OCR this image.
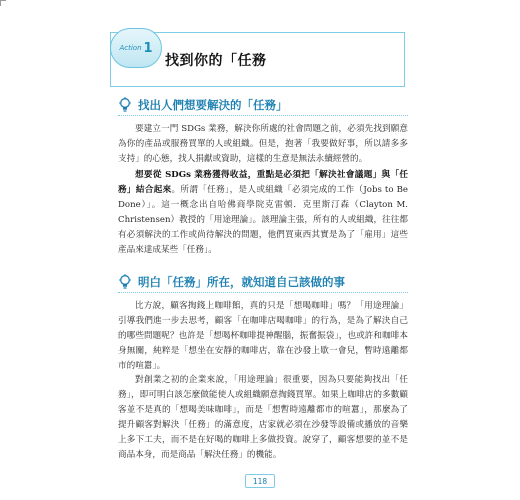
Action 1
找到你的「任務
找出人們想要解決的「任務」

要建立一門 SDGs 業務，解決你所處的社會問題之前，必須先找到願意為你的產品或服務買單的人或組織。但是，抱著「我要做好事，所以請多多支持」的心態，找人捐獻或資助，這樣的生意是無法永續經營的。

想要從 SDGs 業務獲得收益，重點是必須把「解決社會議題」與「任務」結合起來。所謂「任務」，是人或組織「必須完成的工作（Jobs to Be Done）」。這一概念出自哈佛商學院克雷頓．克里斯汀森（Clayton M. Christensen）教授的「用途理論」。該理論主張，所有的人或組織，往往都有必須解決的工作或尚待解決的問題，他們買東西其實是為了「雇用」這些產品來達成某些「任務」。

明白「任務」所在，就知道自己該做的事

比方說，顧客掏錢上咖啡館，真的只是「想喝咖啡」嗎？「用途理論」引導我們進一步去思考，顧客「在咖啡店喝咖啡」的行為，是為了解決自己的哪些問題呢？也許是「想喝杯咖啡提神醒腦，振奮振袋」，也或許和咖啡本身無關，純粹是「想坐在安靜的咖啡店，靠在沙發上歇一會兒，暫時遠離都市的喧囂」。

對創業之初的企業來說，「用途理論」很重要，因為只要能夠找出「任務」，即可明白該怎麼做能使人或組織願意掏錢買單。如果上咖啡店的多數顧客並不是真的「想喝美味咖啡」，而是「想暫時遠離都市的喧囂」，那麼為了提升顧客對解決「任務」的滿意度，店家就必須在沙發等設備或播放的音樂上多下工夫，而不是在好喝的咖啡上多做投資。說穿了，顧客想要的並不是商品本身，而是商品「解決任務」的機能。

118
